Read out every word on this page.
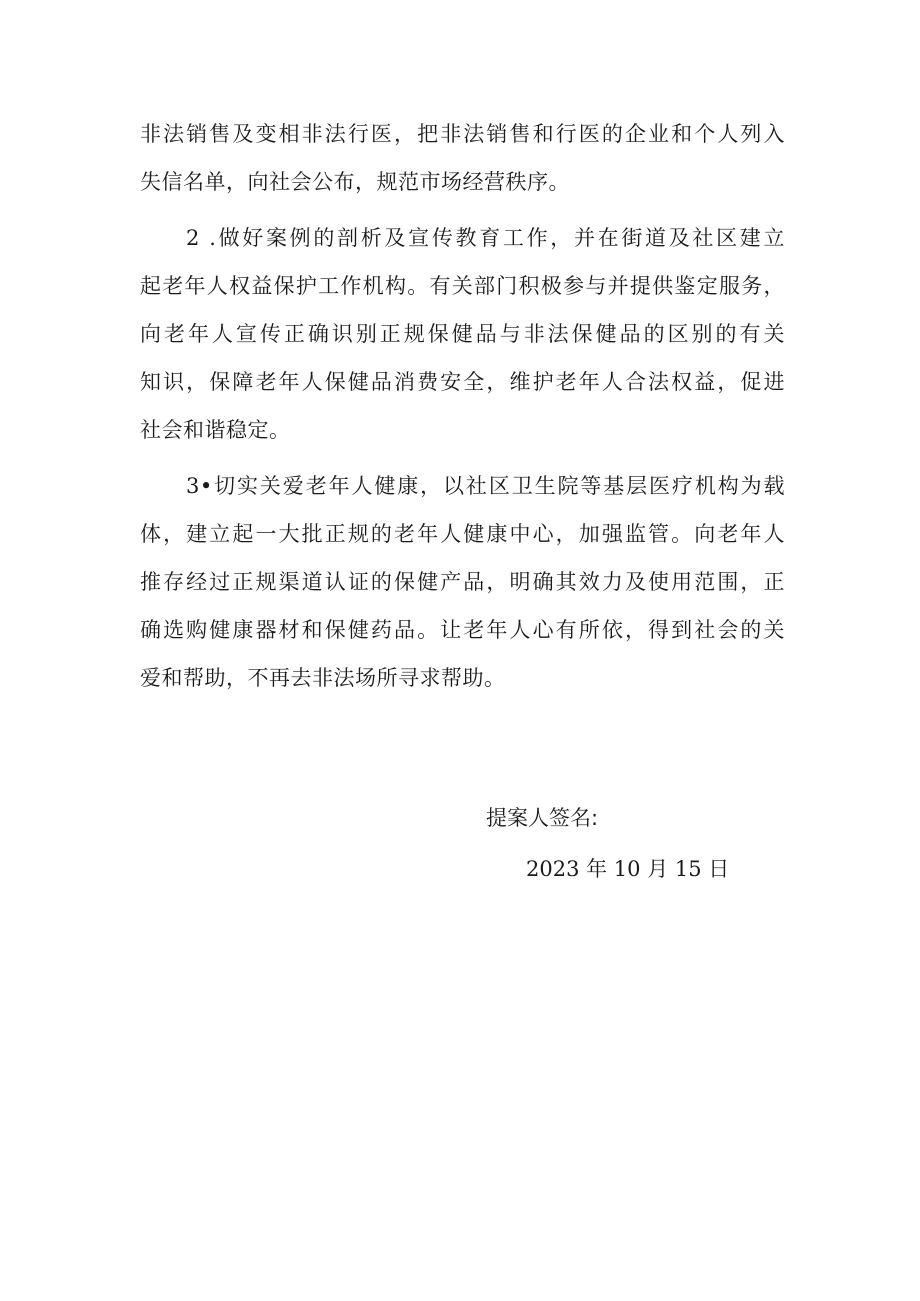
非法销售及变相非法行医，把非法销售和行医的企业和个人列入
失信名单，向社会公布，规范市场经营秩序。
2 .做好案例的剖析及宣传教育工作，并在街道及社区建立
起老年人权益保护工作机构。有关部门积极参与并提供鉴定服务，
向老年人宣传正确识别正规保健品与非法保健品的区别的有关
知识，保障老年人保健品消费安全，维护老年人合法权益，促进
社会和谐稳定。
3•切实关爱老年人健康，以社区卫生院等基层医疗机构为载
体，建立起一大批正规的老年人健康中心，加强监管。向老年人
推存经过正规渠道认证的保健产品，明确其效力及使用范围，正
确选购健康器材和保健药品。让老年人心有所依，得到社会的关
爱和帮助，不再去非法场所寻求帮助。
提案人签名:
2023 年 10 月 15 日
